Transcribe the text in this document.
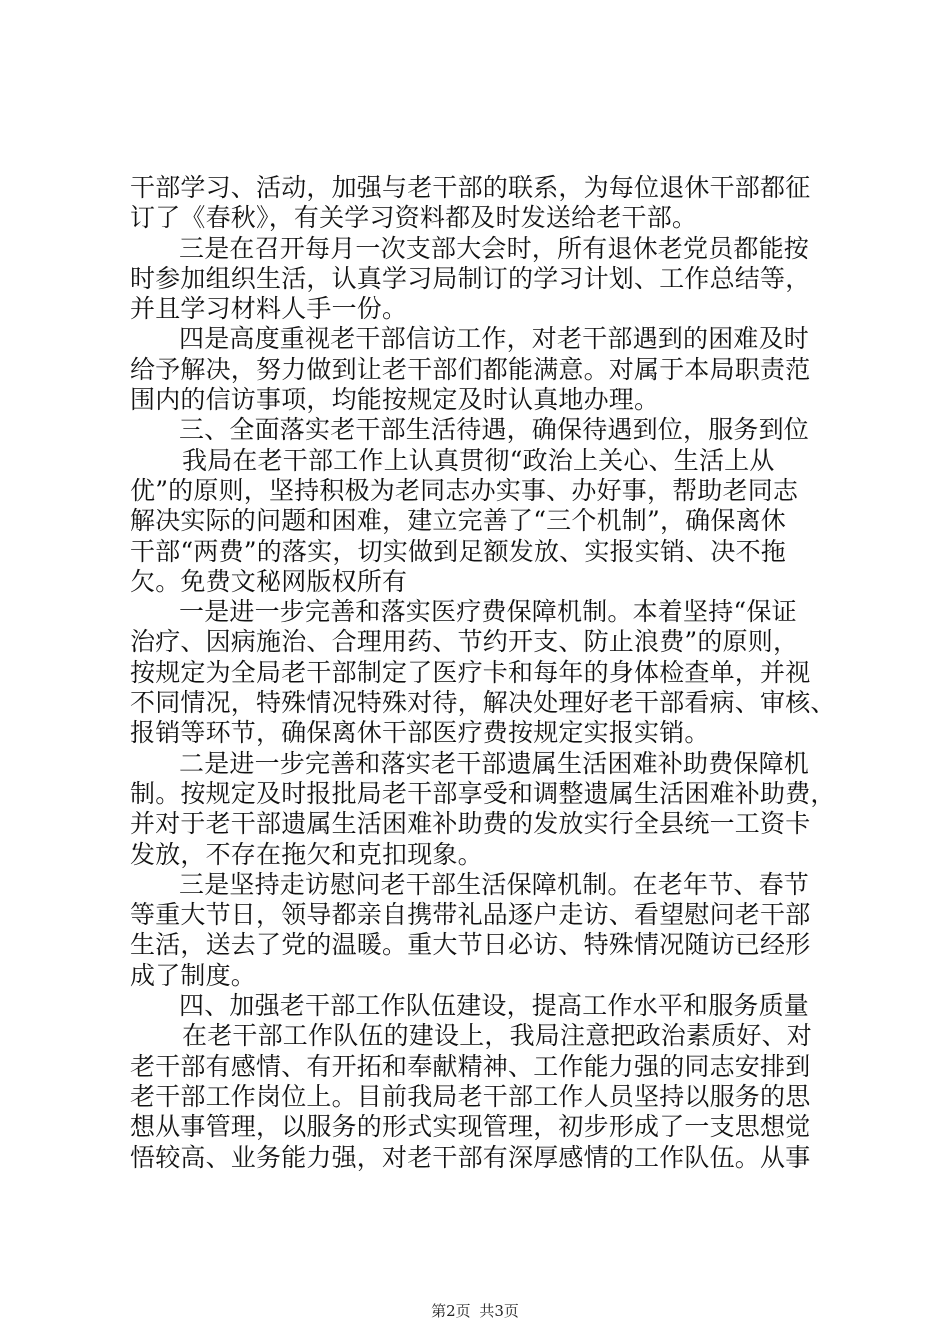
干部学习、活动，加强与老干部的联系，为每位退休干部都征
订了《春秋》，有关学习资料都及时发送给老干部。
三是在召开每月一次支部大会时，所有退休老党员都能按
时参加组织生活，认真学习局制订的学习计划、工作总结等，
并且学习材料人手一份。
四是高度重视老干部信访工作，对老干部遇到的困难及时
给予解决，努力做到让老干部们都能满意。对属于本局职责范
围内的信访事项，均能按规定及时认真地办理。
三、全面落实老干部生活待遇，确保待遇到位，服务到位
我局在老干部工作上认真贯彻“政治上关心、生活上从
优”的原则，坚持积极为老同志办实事、办好事，帮助老同志
解决实际的问题和困难，建立完善了“三个机制”，确保离休
干部“两费”的落实，切实做到足额发放、实报实销、决不拖
欠。免费文秘网版权所有
一是进一步完善和落实医疗费保障机制。本着坚持“保证
治疗、因病施治、合理用药、节约开支、防止浪费”的原则，
按规定为全局老干部制定了医疗卡和每年的身体检查单，并视
不同情况，特殊情况特殊对待，解决处理好老干部看病、审核、
报销等环节，确保离休干部医疗费按规定实报实销。
二是进一步完善和落实老干部遗属生活困难补助费保障机
制。按规定及时报批局老干部享受和调整遗属生活困难补助费，
并对于老干部遗属生活困难补助费的发放实行全县统一工资卡
发放，不存在拖欠和克扣现象。
三是坚持走访慰问老干部生活保障机制。在老年节、春节
等重大节日，领导都亲自携带礼品逐户走访、看望慰问老干部
生活，送去了党的温暖。重大节日必访、特殊情况随访已经形
成了制度。
四、加强老干部工作队伍建设，提高工作水平和服务质量
在老干部工作队伍的建设上，我局注意把政治素质好、对
老干部有感情、有开拓和奉献精神、工作能力强的同志安排到
老干部工作岗位上。目前我局老干部工作人员坚持以服务的思
想从事管理，以服务的形式实现管理，初步形成了一支思想觉
悟较高、业务能力强，对老干部有深厚感情的工作队伍。从事
第2页 共3页
